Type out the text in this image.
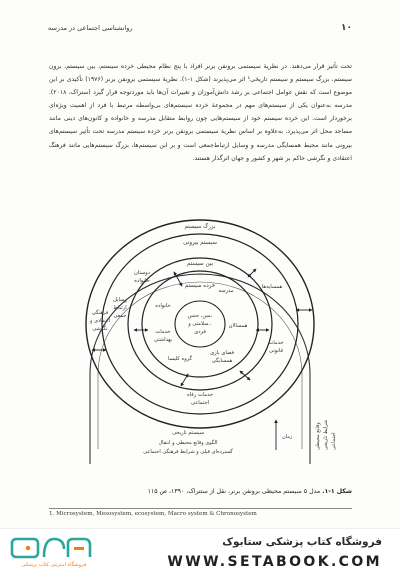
۱۰
روانشناسی اجتماعی در مدرسه
تحت تأثیر قرار می‌دهند. در نظریهٔ سیستمی برونفن برنر افراد با پنج نظام محیطی خرده سیستم، بین سیستم، برون سیستم، بزرگ سیستم و سیستم تاریخی¹ اثر می‌پذیرند (شکل ۱-۱). نظریهٔ سیستمی برونفن برنر (۱۹۷۶) تأکیدی بر این موضوع است که نقش عوامل اجتماعی بر رشد دانش‌آموزان و تغییرات آن‌ها باید موردتوجه قرار گیرد (ستراک، ۲۰۱۸). مدرسه به‌عنوان یکی از سیستم‌های مهم در مجموعهٔ خرده سیستم‌های بی‌واسطه مرتبط با فرد از اهمیت ویژه‌ای برخوردار است. این خرده سیستم خود از سیستم‌هایی چون روابط متقابل مدرسه و خانواده و کانون‌های دینی مانند مساجد محل اثر می‌پذیرد. به‌علاوه بر اساس نظریهٔ سیستمی برونفن برنر خرده سیستم مدرسه تحت تأثیر سیستم‌های بیرونی مانند محیط همسایگی مدرسه و وسایل ارتباط‌جمعی است و بر این سیستم‌ها، بزرگ سیستم‌هایی مانند فرهنگ اعتقادی و نگرشی حاکم بر شهر و کشور و جهان اثرگذار هستند.
بزرگ سیستم
سیستم بیرونی
بین سیستم
خرده سیستم
سن، جنس،
سلامتی و..
فردی
خانواده
مدرسه
خدمات
بهداشتی
همسالان
گروه کلیسا
فضای بازی
همسایگی
همسایه‌ها
دوستان
خانواده
وسایل
ارتباط
جمعی
خدمات
قانونی
خدمات رفاه
اجتماعی
فرهنگی
اعتقادی و
نگرشی
سیستم تاریخی
الگوی وقایع محیطی و انتقال
گسترده‌ای قبلی و شرایط فرهنگی اجتماعی
زمان	وقایع محیطی شرایط تاریخی اجتماعی
شکل ۱-۱. مدل ۵ سیستم محیطی برونفن برنر، نقل از ستتراک، ۱۳۹۰، ص ۱۱۵
1. Microsystem, Mesosystem, ecosystem, Macro system & Chronosystem
فروشگاه اینترنتی کتاب پزشکی
فروشگاه کتاب پزشکی ستابوک
WWW.SETABOOK.COM
